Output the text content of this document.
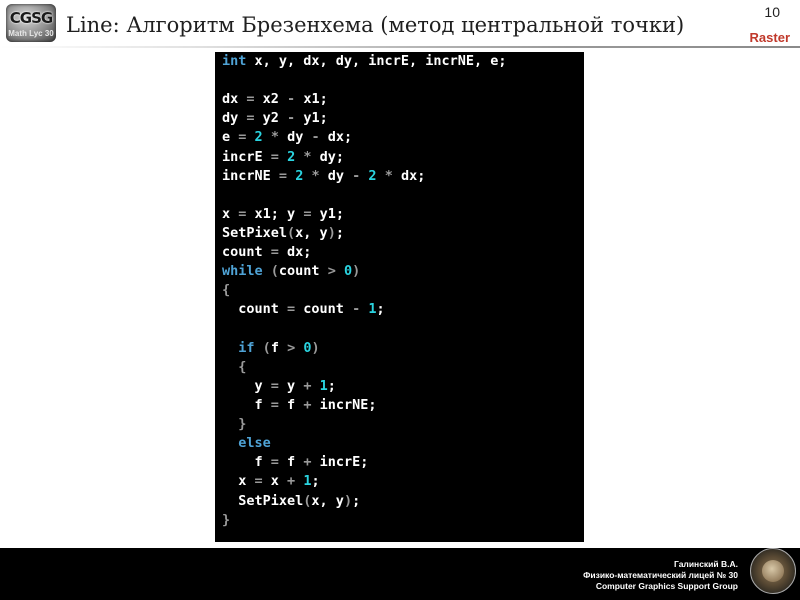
CGSG
Math Lyc 30 Line: Алгоритм Брезенхема (метод центральной точки)
10
Raster
int x, y, dx, dy, incrE, incrNE, e;

dx = x2 - x1;
dy = y2 - y1;
e = 2 * dy - dx;
incrE = 2 * dy;
incrNE = 2 * dy - 2 * dx;

x = x1; y = y1;
SetPixel(x, y);
count = dx;
while (count > 0)
{
count = count - 1;

if (f > 0)
{
y = y + 1;
f = f + incrNE;
}
else
f = f + incrE;
x = x + 1;
SetPixel(x, y);
}
Галинский В.А.
Физико-математический лицей № 30
Computer Graphics Support Group
